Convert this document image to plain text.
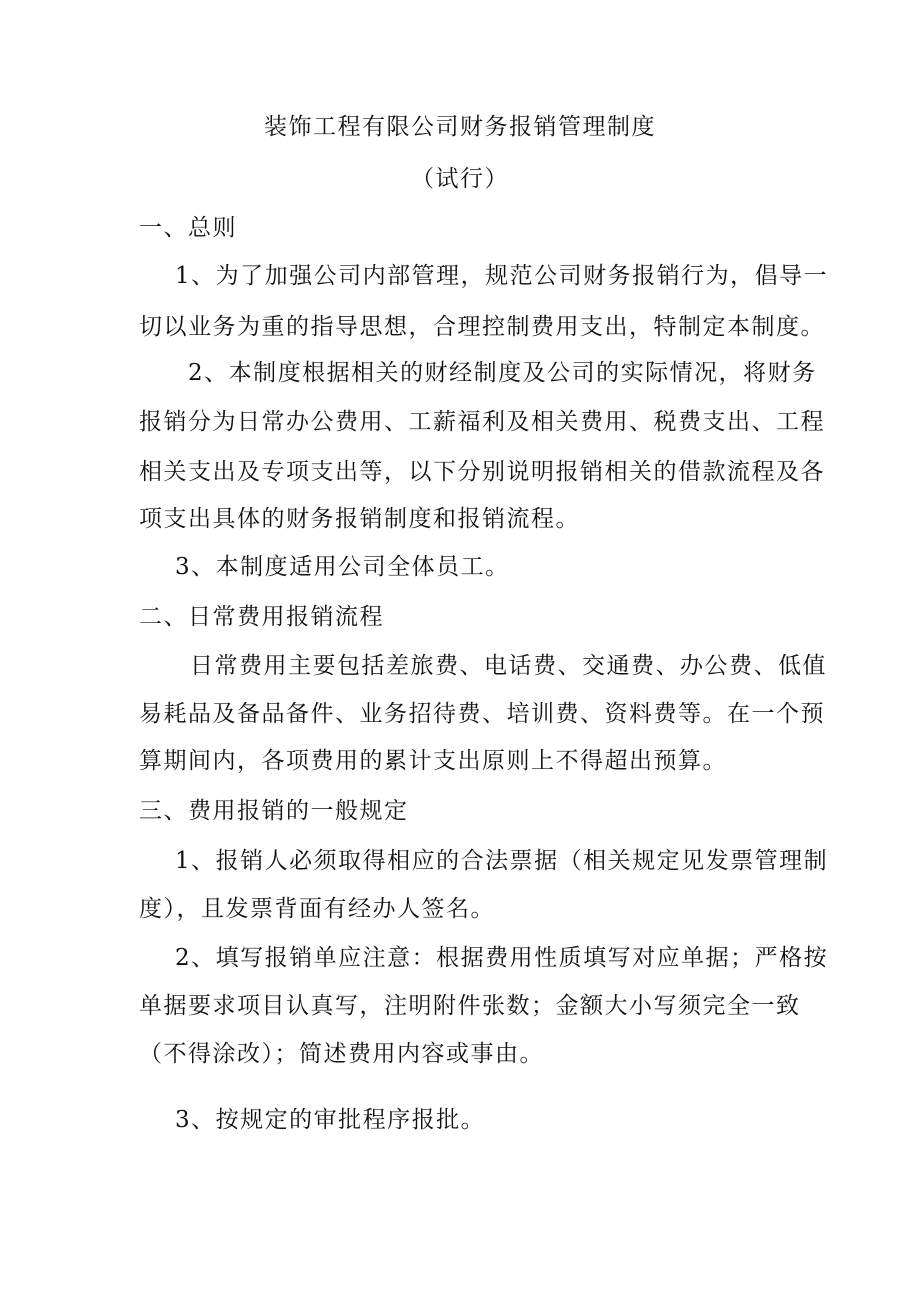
装饰工程有限公司财务报销管理制度
（试行）
一、总则
1、为了加强公司内部管理，规范公司财务报销行为，倡导一
切以业务为重的指导思想，合理控制费用支出，特制定本制度。
2、本制度根据相关的财经制度及公司的实际情况，将财务
报销分为日常办公费用、工薪福利及相关费用、税费支出、工程
相关支出及专项支出等，以下分别说明报销相关的借款流程及各
项支出具体的财务报销制度和报销流程。
3、本制度适用公司全体员工。
二、日常费用报销流程
日常费用主要包括差旅费、电话费、交通费、办公费、低值
易耗品及备品备件、业务招待费、培训费、资料费等。在一个预
算期间内，各项费用的累计支出原则上不得超出预算。
三、费用报销的一般规定
1、报销人必须取得相应的合法票据（相关规定见发票管理制
度），且发票背面有经办人签名。
2、填写报销单应注意：根据费用性质填写对应单据；严格按
单据要求项目认真写，注明附件张数；金额大小写须完全一致
（不得涂改）；简述费用内容或事由。
3、按规定的审批程序报批。
